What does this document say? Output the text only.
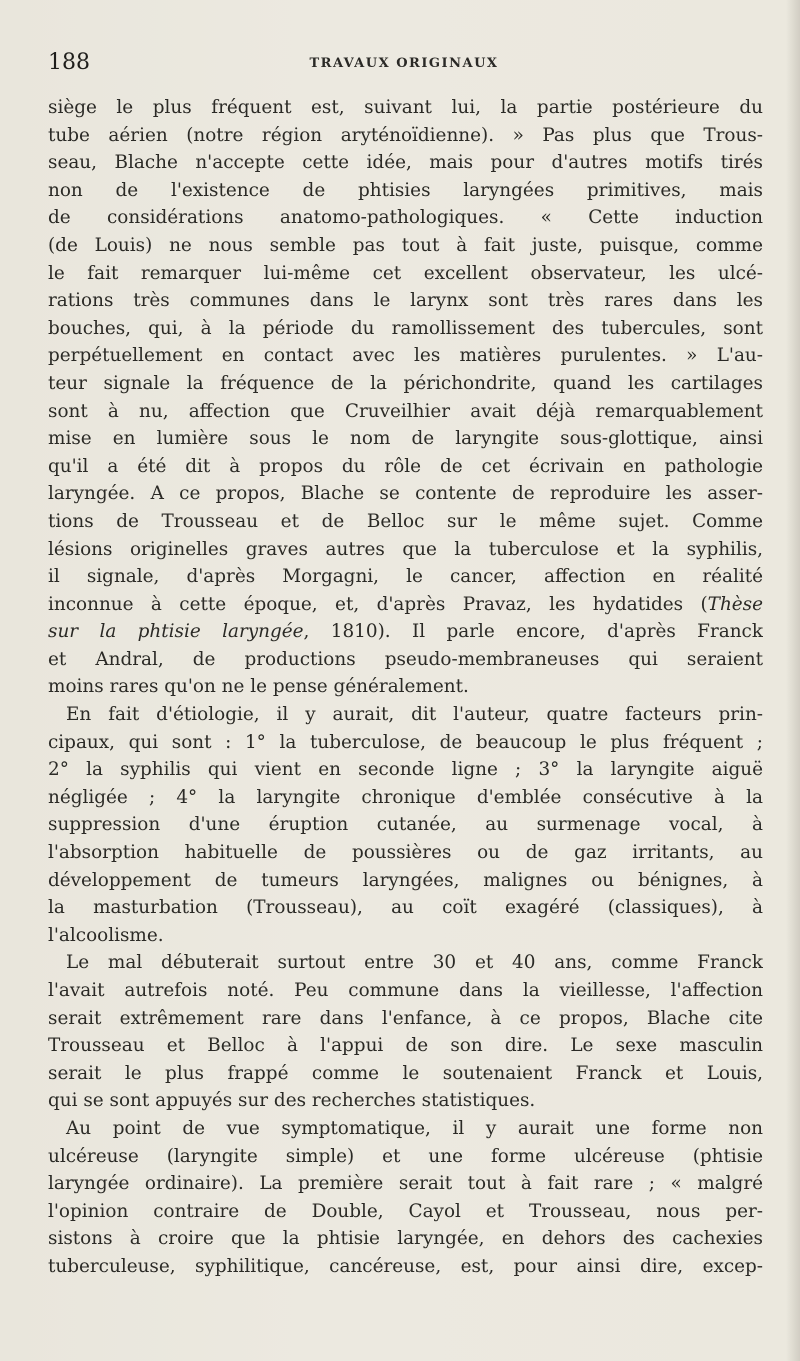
188	TRAVAUX ORIGINAUX
siège le plus fréquent est, suivant lui, la partie postérieure du
tube aérien (notre région aryténoïdienne). » Pas plus que Trous-
seau, Blache n'accepte cette idée, mais pour d'autres motifs tirés
non de l'existence de phtisies laryngées primitives, mais
de considérations anatomo-pathologiques. « Cette induction
(de Louis) ne nous semble pas tout à fait juste, puisque, comme
le fait remarquer lui-même cet excellent observateur, les ulcé-
rations très communes dans le larynx sont très rares dans les
bouches, qui, à la période du ramollissement des tubercules, sont
perpétuellement en contact avec les matières purulentes. » L'au-
teur signale la fréquence de la périchondrite, quand les cartilages
sont à nu, affection que Cruveilhier avait déjà remarquablement
mise en lumière sous le nom de laryngite sous-glottique, ainsi
qu'il a été dit à propos du rôle de cet écrivain en pathologie
laryngée. A ce propos, Blache se contente de reproduire les asser-
tions de Trousseau et de Belloc sur le même sujet. Comme
lésions originelles graves autres que la tuberculose et la syphilis,
il signale, d'après Morgagni, le cancer, affection en réalité
inconnue à cette époque, et, d'après Pravaz, les hydatides (Thèse
sur la phtisie laryngée, 1810). Il parle encore, d'après Franck
et Andral, de productions pseudo-membraneuses qui seraient
moins rares qu'on ne le pense généralement.
En fait d'étiologie, il y aurait, dit l'auteur, quatre facteurs prin-
cipaux, qui sont : 1° la tuberculose, de beaucoup le plus fréquent ;
2° la syphilis qui vient en seconde ligne ; 3° la laryngite aiguë
négligée ; 4° la laryngite chronique d'emblée consécutive à la
suppression d'une éruption cutanée, au surmenage vocal, à
l'absorption habituelle de poussières ou de gaz irritants, au
développement de tumeurs laryngées, malignes ou bénignes, à
la masturbation (Trousseau), au coït exagéré (classiques), à
l'alcoolisme.
Le mal débuterait surtout entre 30 et 40 ans, comme Franck
l'avait autrefois noté. Peu commune dans la vieillesse, l'affection
serait extrêmement rare dans l'enfance, à ce propos, Blache cite
Trousseau et Belloc à l'appui de son dire. Le sexe masculin
serait le plus frappé comme le soutenaient Franck et Louis,
qui se sont appuyés sur des recherches statistiques.
Au point de vue symptomatique, il y aurait une forme non
ulcéreuse (laryngite simple) et une forme ulcéreuse (phtisie
laryngée ordinaire). La première serait tout à fait rare ; « malgré
l'opinion contraire de Double, Cayol et Trousseau, nous per-
sistons à croire que la phtisie laryngée, en dehors des cachexies
tuberculeuse, syphilitique, cancéreuse, est, pour ainsi dire, excep-
